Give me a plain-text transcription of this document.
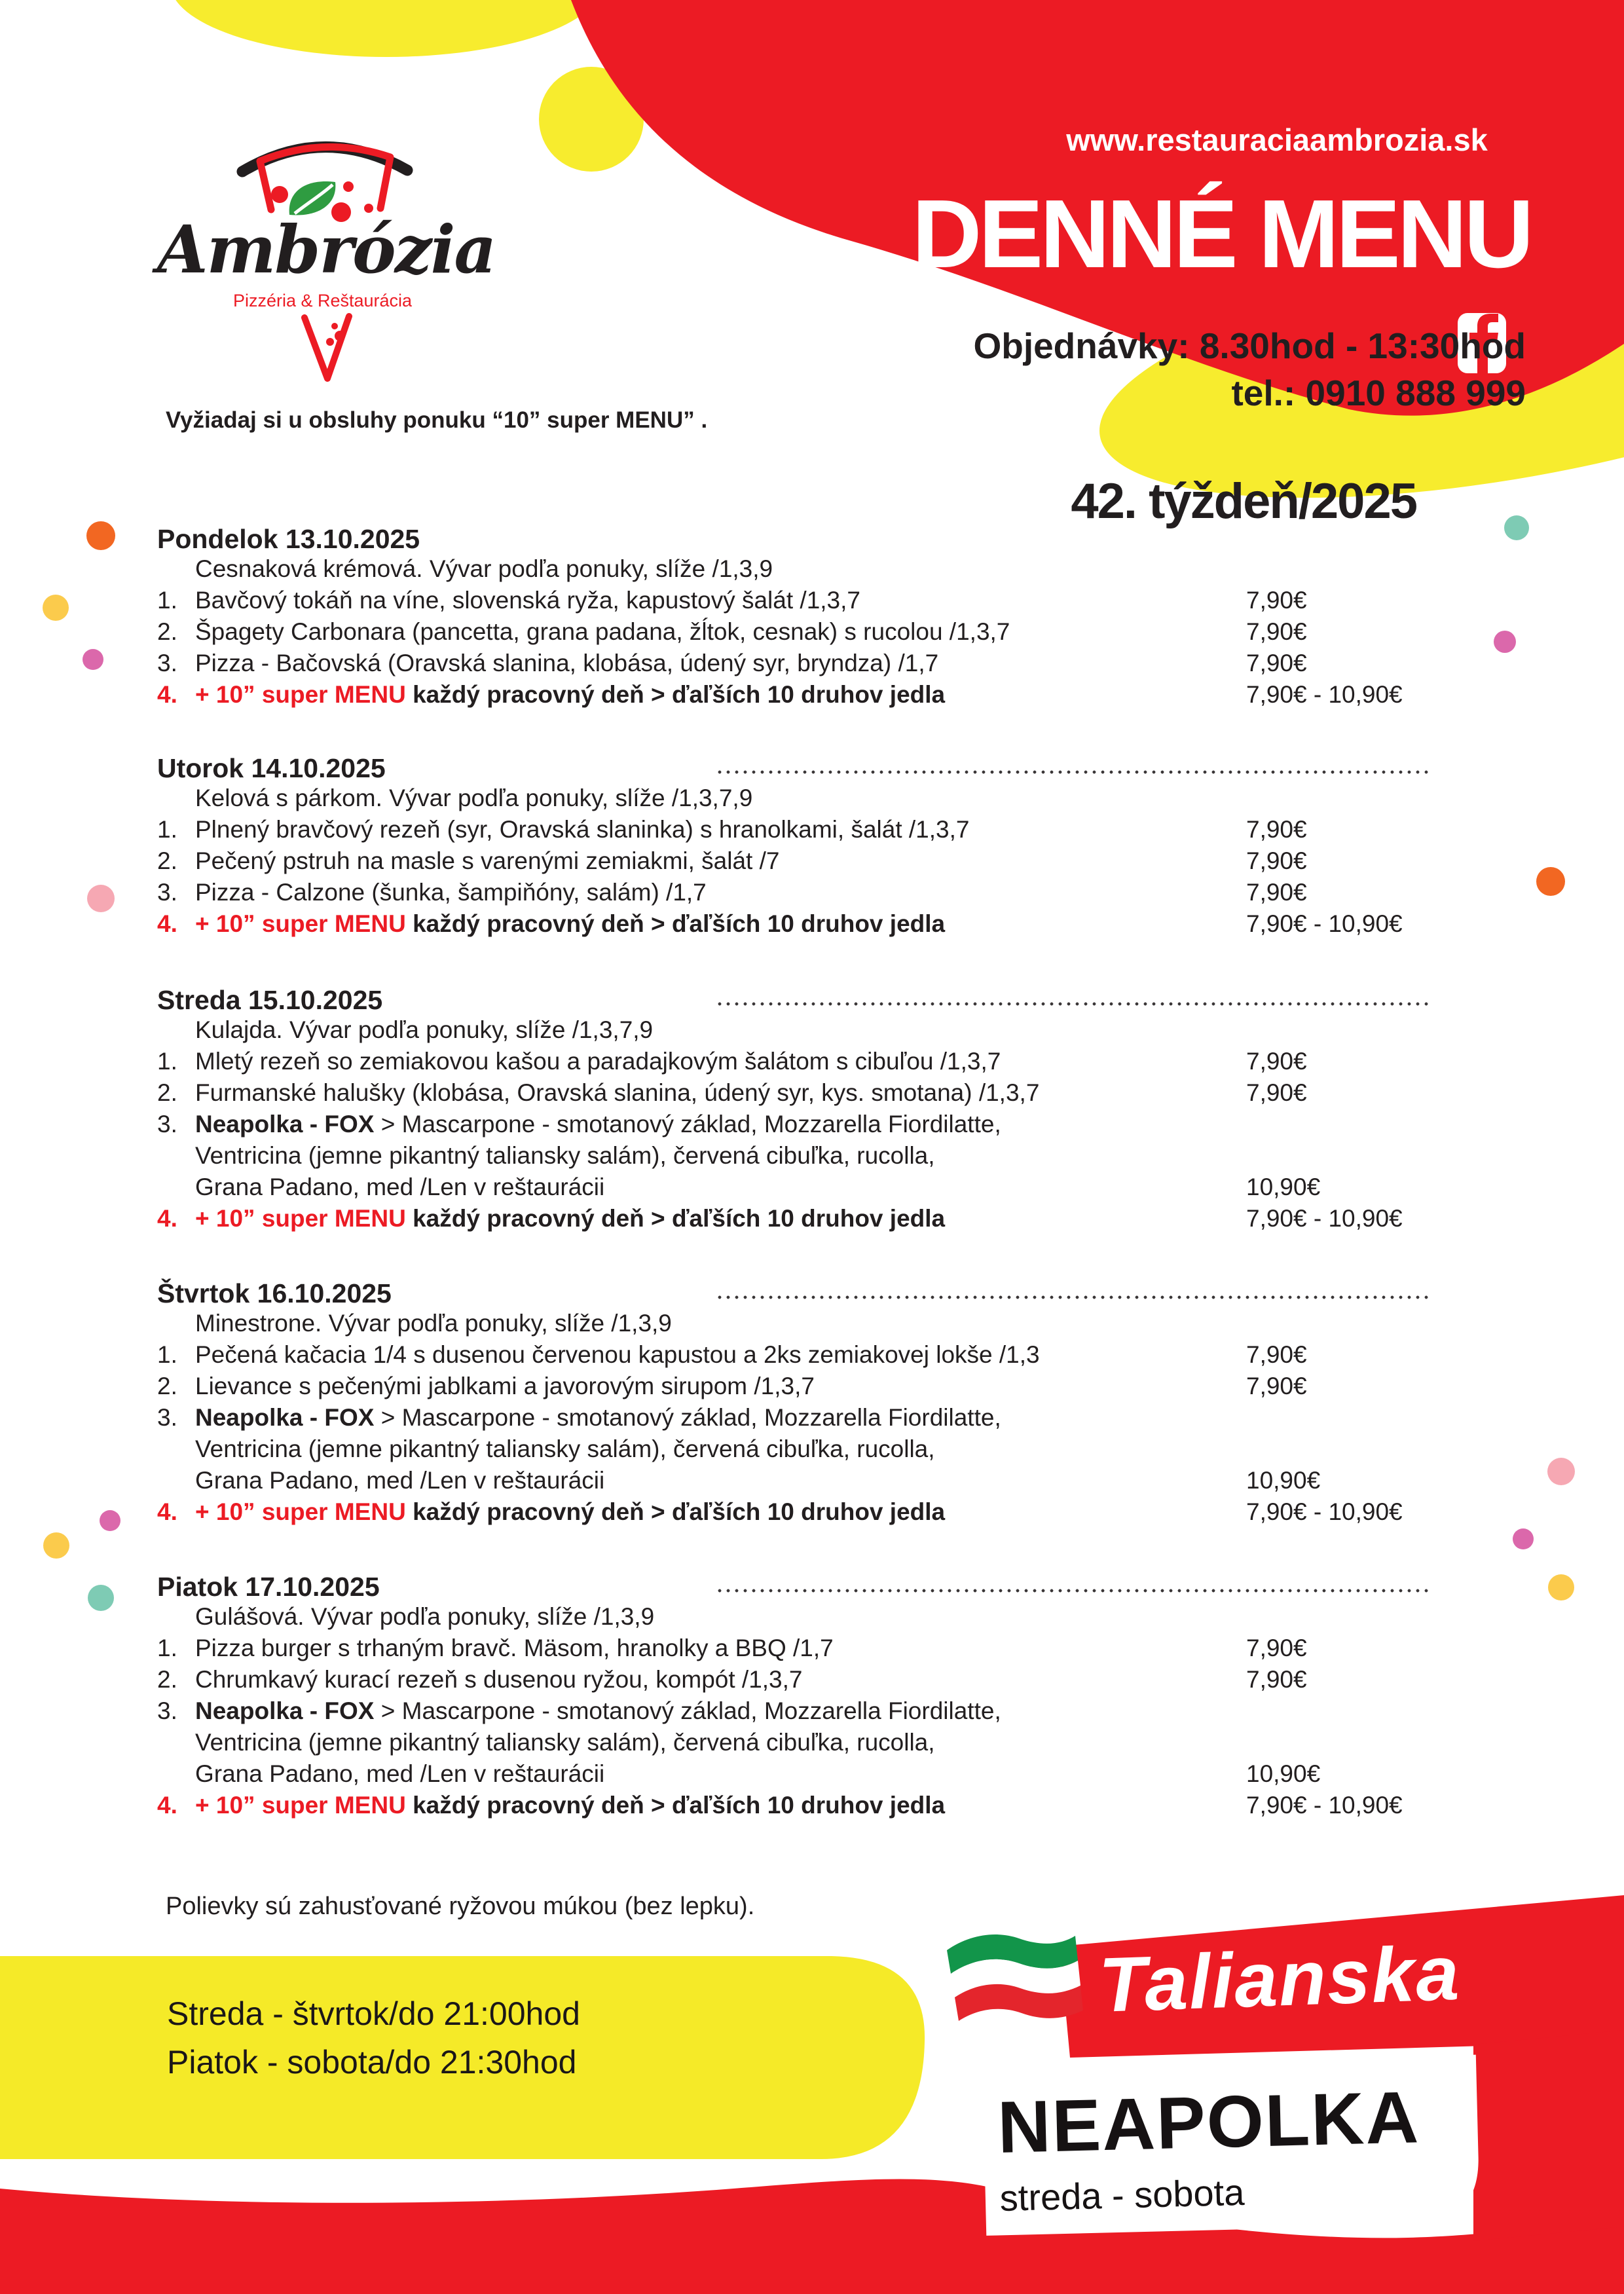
Ambrózia
Pizzéria & Reštaurácia
www.restauraciaambrozia.sk
DENNÉ MENU
Objednávky: 8.30hod - 13:30hod
tel.: 0910 888 999
Vyžiadaj si u obsluhy ponuku “10” super MENU” .
42. týždeň/2025
Pondelok 13.10.2025
Cesnaková krémová. Vývar podľa ponuky, slíže /1,3,9
1. Bavčový tokáň na víne, slovenská ryža, kapustový šalát /1,3,7	7,90€
2. Špagety Carbonara (pancetta, grana padana, žĺtok, cesnak) s rucolou /1,3,7	7,90€
3. Pizza - Bačovská (Oravská slanina, klobása, údený syr, bryndza) /1,7	7,90€
4. + 10” super MENU každý pracovný deň > ďaľších 10 druhov jedla	7,90€ - 10,90€
Utorok 14.10.2025
Kelová s párkom. Vývar podľa ponuky, slíže /1,3,7,9
1. Plnený bravčový rezeň (syr, Oravská slaninka) s hranolkami, šalát /1,3,7	7,90€
2. Pečený pstruh na masle s varenými zemiakmi, šalát /7	7,90€
3. Pizza - Calzone (šunka, šampiňóny, salám) /1,7	7,90€
4. + 10” super MENU každý pracovný deň > ďaľších 10 druhov jedla	7,90€ - 10,90€
Streda 15.10.2025
Kulajda. Vývar podľa ponuky, slíže /1,3,7,9
1. Mletý rezeň so zemiakovou kašou a paradajkovým šalátom s cibuľou /1,3,7	7,90€
2. Furmanské halušky (klobása, Oravská slanina, údený syr, kys. smotana) /1,3,7	7,90€
3. Neapolka - FOX > Mascarpone - smotanový základ, Mozzarella Fiordilatte,
Ventricina (jemne pikantný taliansky salám), červená cibuľka, rucolla,
Grana Padano, med /Len v reštaurácii	10,90€
4. + 10” super MENU každý pracovný deň > ďaľších 10 druhov jedla	7,90€ - 10,90€
Štvrtok 16.10.2025
Minestrone. Vývar podľa ponuky, slíže /1,3,9
1. Pečená kačacia 1/4 s dusenou červenou kapustou a 2ks zemiakovej lokše /1,3	7,90€
2. Lievance s pečenými jablkami a javorovým sirupom /1,3,7	7,90€
3. Neapolka - FOX > Mascarpone - smotanový základ, Mozzarella Fiordilatte,
Ventricina (jemne pikantný taliansky salám), červená cibuľka, rucolla,
Grana Padano, med /Len v reštaurácii	10,90€
4. + 10” super MENU každý pracovný deň > ďaľších 10 druhov jedla	7,90€ - 10,90€
Piatok 17.10.2025
Gulášová. Vývar podľa ponuky, slíže /1,3,9
1. Pizza burger s trhaným bravč. Mäsom, hranolky a BBQ /1,7	7,90€
2. Chrumkavý kurací rezeň s dusenou ryžou, kompót /1,3,7	7,90€
3. Neapolka - FOX > Mascarpone - smotanový základ, Mozzarella Fiordilatte,
Ventricina (jemne pikantný taliansky salám), červená cibuľka, rucolla,
Grana Padano, med /Len v reštaurácii	10,90€
4. + 10” super MENU každý pracovný deň > ďaľších 10 druhov jedla	7,90€ - 10,90€
Polievky sú zahusťované ryžovou múkou (bez lepku).
Streda - štvrtok/do 21:00hod
Piatok - sobota/do 21:30hod
Talianska
NEAPOLKA
streda - sobota
